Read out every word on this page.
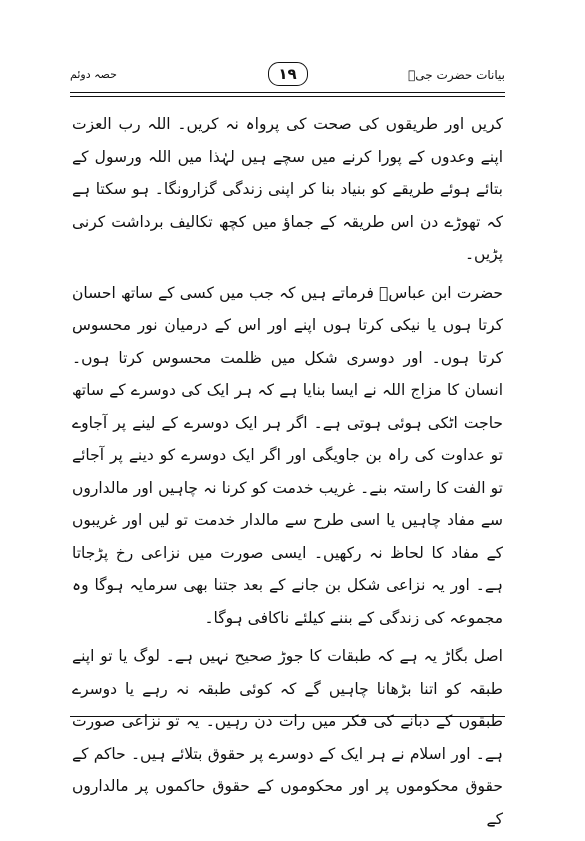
حصہ دوئم	١٩	بیانات حضرت جیؒ

کریں اور طریقوں کی صحت کی پرواہ نہ کریں۔ اللہ رب العزت اپنے وعدوں کے پورا کرنے میں سچے ہیں لہٰذا میں اللہ ورسول کے بتائے ہوئے طریقے کو بنیاد بنا کر اپنی زندگی گزارونگا۔ ہو سکتا ہے کہ تھوڑے دن اس طریقہ کے جماؤ میں کچھ تکالیف برداشت کرنی پڑیں۔

حضرت ابن عباسؓ فرماتے ہیں کہ جب میں کسی کے ساتھ احسان کرتا ہوں یا نیکی کرتا ہوں اپنے اور اس کے درمیان نور محسوس کرتا ہوں۔ اور دوسری شکل میں ظلمت محسوس کرتا ہوں۔ انسان کا مزاج اللہ نے ایسا بنایا ہے کہ ہر ایک کی دوسرے کے ساتھ حاجت اٹکی ہوئی ہوتی ہے۔ اگر ہر ایک دوسرے کے لینے پر آجاوے تو عداوت کی راہ بن جاویگی اور اگر ایک دوسرے کو دینے پر آجائے تو الفت کا راستہ بنے۔ غریب خدمت کو کرنا نہ چاہیں اور مالداروں سے مفاد چاہیں یا اسی طرح سے مالدار خدمت تو لیں اور غریبوں کے مفاد کا لحاظ نہ رکھیں۔ ایسی صورت میں نزاعی رخ پڑجاتا ہے۔ اور یہ نزاعی شکل بن جانے کے بعد جتنا بھی سرمایہ ہوگا وہ مجموعہ کی زندگی کے بننے کیلئے ناکافی ہوگا۔

اصل بگاڑ یہ ہے کہ طبقات کا جوڑ صحیح نہیں ہے۔ لوگ یا تو اپنے طبقہ کو اتنا بڑھانا چاہیں گے کہ کوئی طبقہ نہ رہے یا دوسرے طبقوں کے دبانے کی فکر میں رات دن رہیں۔ یہ تو نزاعی صورت ہے۔ اور اسلام نے ہر ایک کے دوسرے پر حقوق بتلائے ہیں۔ حاکم کے حقوق محکوموں پر اور محکوموں کے حقوق حاکموں پر مالداروں کے
